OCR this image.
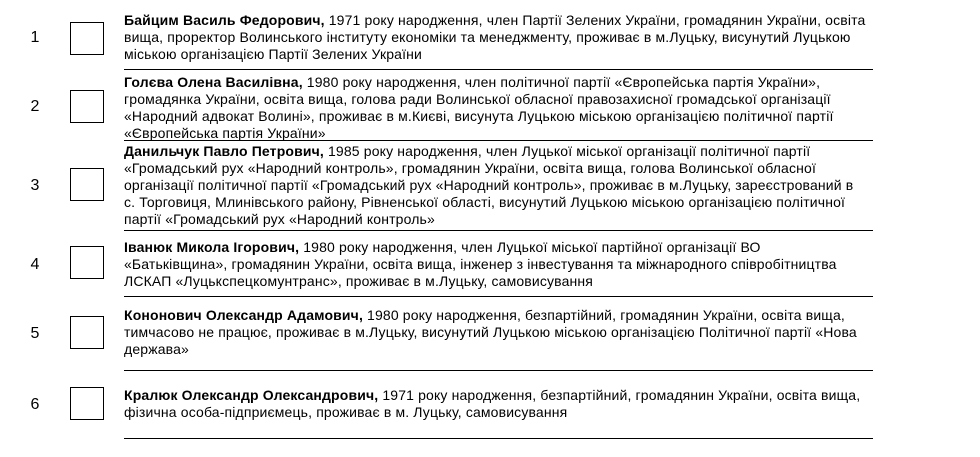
1
Байцим Василь Федорович, 1971 року народження, член Партії Зелених України, громадянин України, освіта вища, проректор Волинського інституту економіки та менеджменту, проживає в м.Луцьку, висунутий Луцькою міською організацією Партії Зелених України
2
Голєва Олена Василівна, 1980 року народження, член політичної партії «Європейська партія України», громадянка України, освіта вища, голова ради Волинської обласної правозахисної громадської організації «Народний адвокат Волині», проживає в м.Києві, висунута Луцькою міською організацією політичної партії «Європейська партія України»
3
Данильчук Павло Петрович, 1985 року народження, член Луцької міської організації політичної партії «Громадський рух «Народний контроль», громадянин України, освіта вища, голова Волинської обласної організації політичної партії «Громадський рух «Народний контроль», проживає в м.Луцьку, зареєстрований в с. Торговиця, Млинівського району, Рівненської області, висунутий Луцькою міською організацією політичної партії «Громадський рух «Народний контроль»
4
Іванюк Микола Ігорович, 1980 року народження, член Луцької міської партійної організації ВО «Батьківщина», громадянин України, освіта вища, інженер з інвестування та міжнародного співробітництва ЛСКАП «Луцькспецкомунтранс», проживає в м.Луцьку, самовисування
5
Кононович Олександр Адамович, 1980 року народження, безпартійний, громадянин України, освіта вища, тимчасово не працює, проживає в м.Луцьку, висунутий Луцькою міською організацією Політичної партії «Нова держава»
6
Кралюк Олександр Олександрович, 1971 року народження, безпартійний, громадянин України, освіта вища, фізична особа-підприємець, проживає в м. Луцьку, самовисування
